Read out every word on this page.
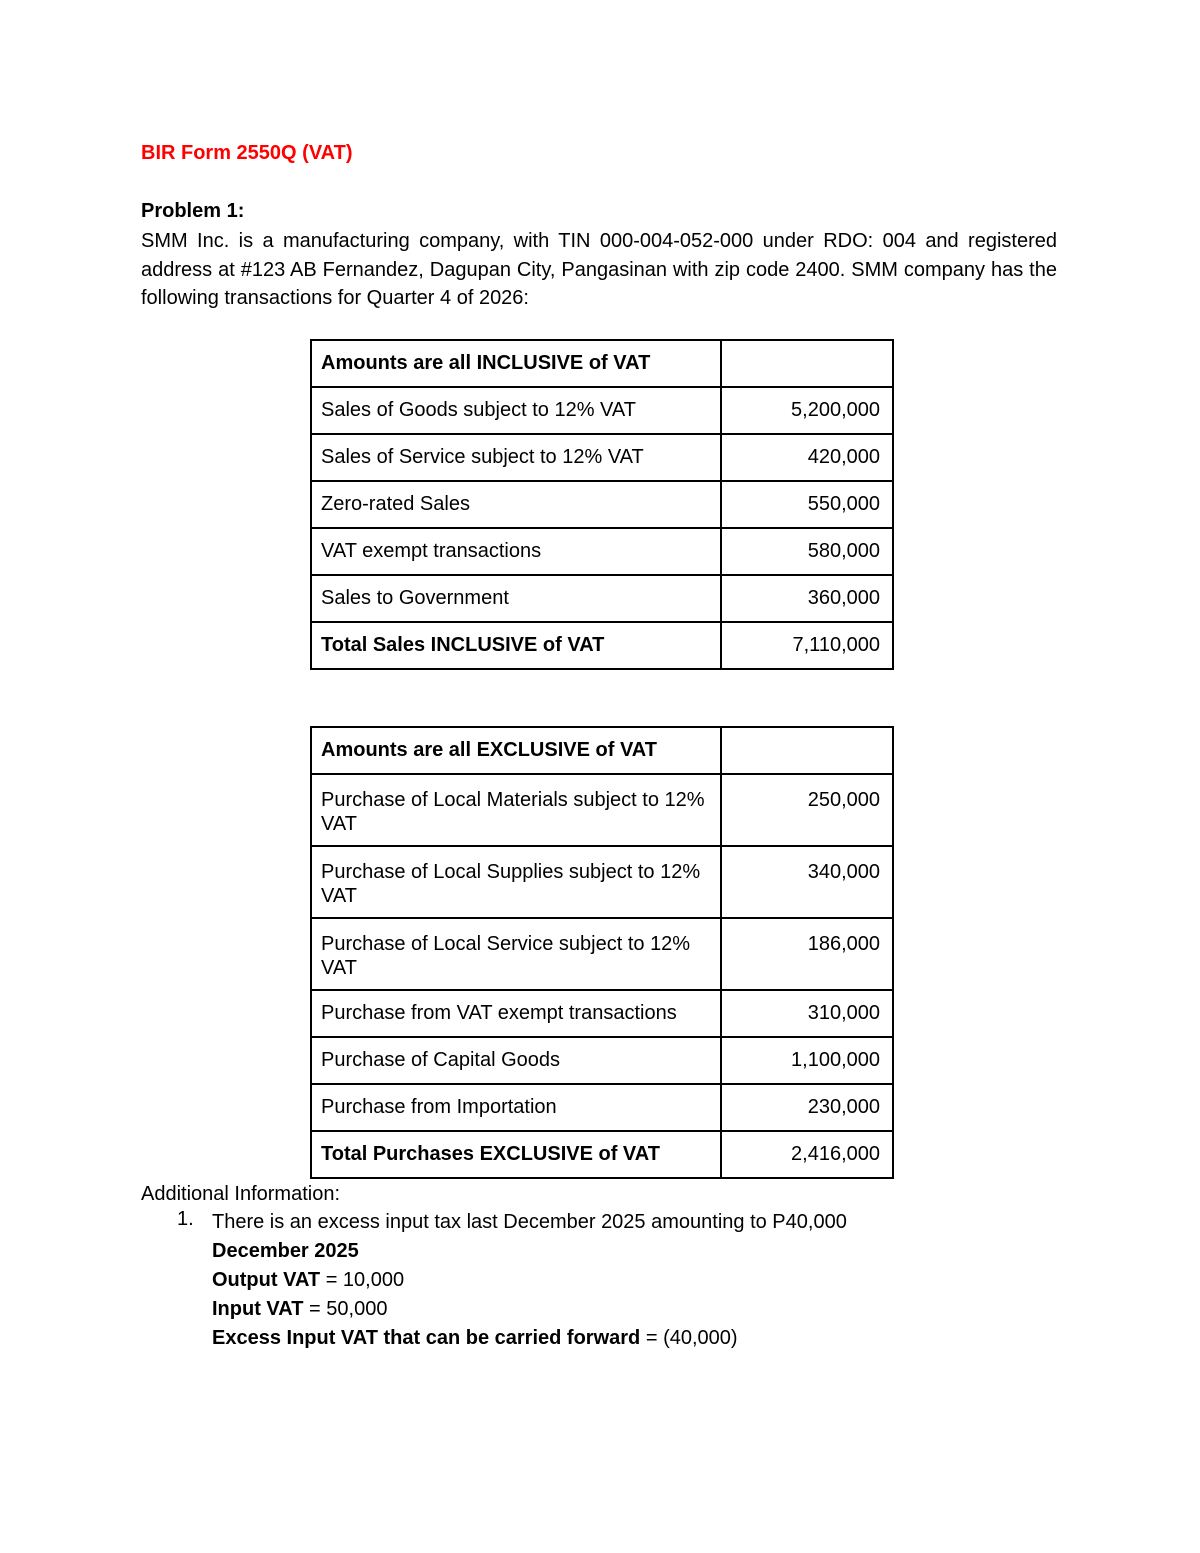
BIR Form 2550Q (VAT)
Problem 1:
SMM Inc. is a manufacturing company, with TIN 000-004-052-000 under RDO: 004 and registered address at #123 AB Fernandez, Dagupan City, Pangasinan with zip code 2400. SMM company has the following transactions for Quarter 4 of 2026:
Amounts are all INCLUSIVE of VAT	
Sales of Goods subject to 12% VAT	5,200,000
Sales of Service subject to 12% VAT	420,000
Zero-rated Sales	550,000
VAT exempt transactions	580,000
Sales to Government	360,000
Total Sales INCLUSIVE of VAT	7,110,000
Amounts are all EXCLUSIVE of VAT	
Purchase of Local Materials subject to 12% VAT	250,000
Purchase of Local Supplies subject to 12% VAT	340,000
Purchase of Local Service subject to 12% VAT	186,000
Purchase from VAT exempt transactions	310,000
Purchase of Capital Goods	1,100,000
Purchase from Importation	230,000
Total Purchases EXCLUSIVE of VAT	2,416,000
Additional Information:
1. There is an excess input tax last December 2025 amounting to P40,000
December 2025
Output VAT = 10,000
Input VAT = 50,000
Excess Input VAT that can be carried forward = (40,000)
